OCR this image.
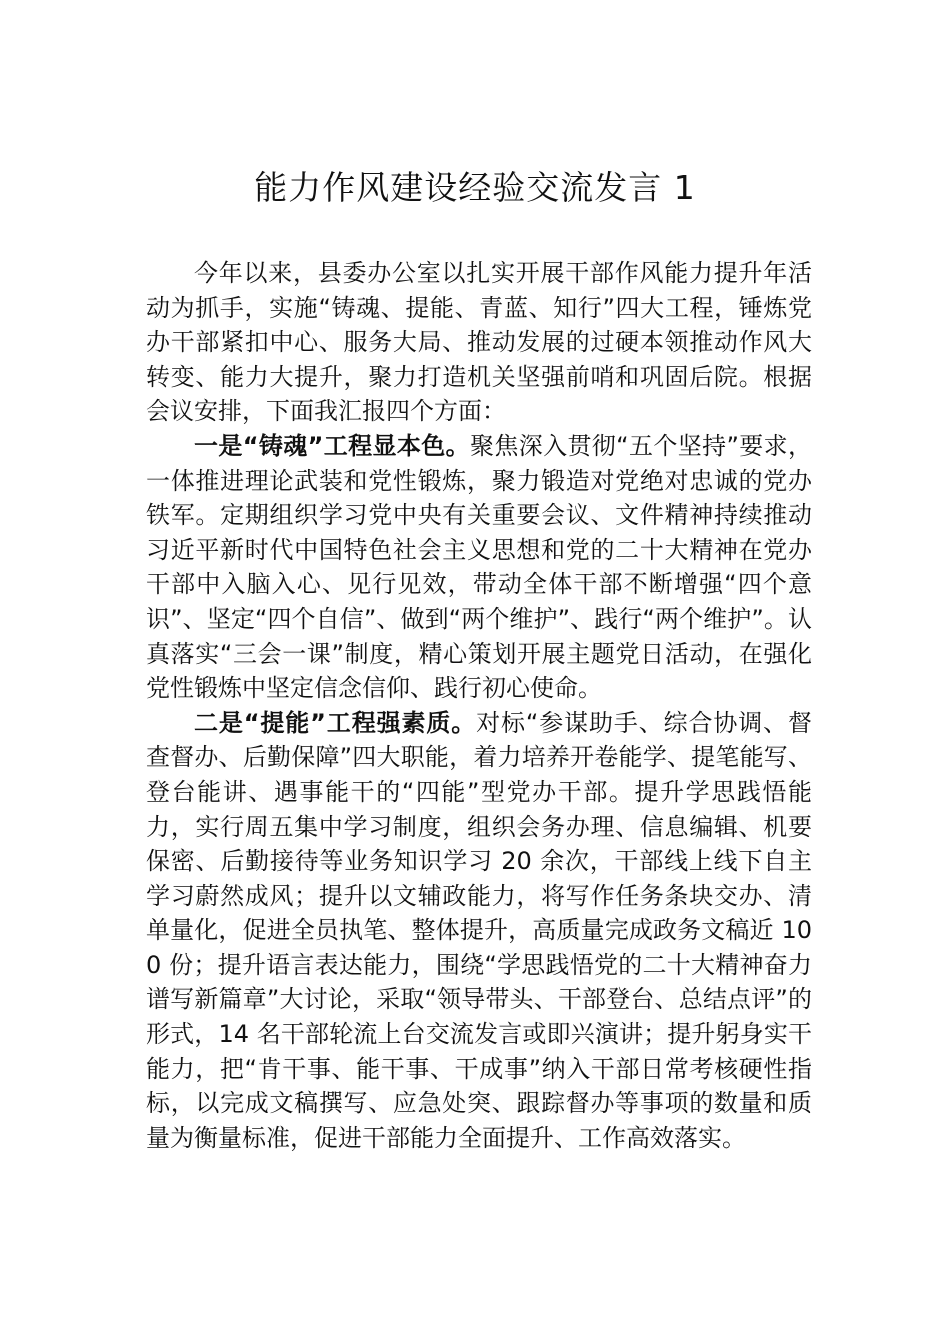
能力作风建设经验交流发言 1

今年以来，县委办公室以扎实开展干部作风能力提升年活动为抓手，实施“铸魂、提能、青蓝、知行”四大工程，锤炼党办干部紧扣中心、服务大局、推动发展的过硬本领推动作风大转变、能力大提升，聚力打造机关坚强前哨和巩固后院。根据会议安排，下面我汇报四个方面：

一是“铸魂”工程显本色。聚焦深入贯彻“五个坚持”要求，一体推进理论武装和党性锻炼，聚力锻造对党绝对忠诚的党办铁军。定期组织学习党中央有关重要会议、文件精神持续推动习近平新时代中国特色社会主义思想和党的二十大精神在党办干部中入脑入心、见行见效，带动全体干部不断增强“四个意识”、坚定“四个自信”、做到“两个维护”、践行“两个维护”。认真落实“三会一课”制度，精心策划开展主题党日活动，在强化党性锻炼中坚定信念信仰、践行初心使命。

二是“提能”工程强素质。对标“参谋助手、综合协调、督查督办、后勤保障”四大职能，着力培养开卷能学、提笔能写、登台能讲、遇事能干的“四能”型党办干部。提升学思践悟能力，实行周五集中学习制度，组织会务办理、信息编辑、机要保密、后勤接待等业务知识学习 20 余次，干部线上线下自主学习蔚然成风；提升以文辅政能力，将写作任务条块交办、清单量化，促进全员执笔、整体提升，高质量完成政务文稿近 100 份；提升语言表达能力，围绕“学思践悟党的二十大精神奋力谱写新篇章”大讨论，采取“领导带头、干部登台、总结点评”的形式，14 名干部轮流上台交流发言或即兴演讲；提升躬身实干能力，把“肯干事、能干事、干成事”纳入干部日常考核硬性指标，以完成文稿撰写、应急处突、跟踪督办等事项的数量和质量为衡量标准，促进干部能力全面提升、工作高效落实。
